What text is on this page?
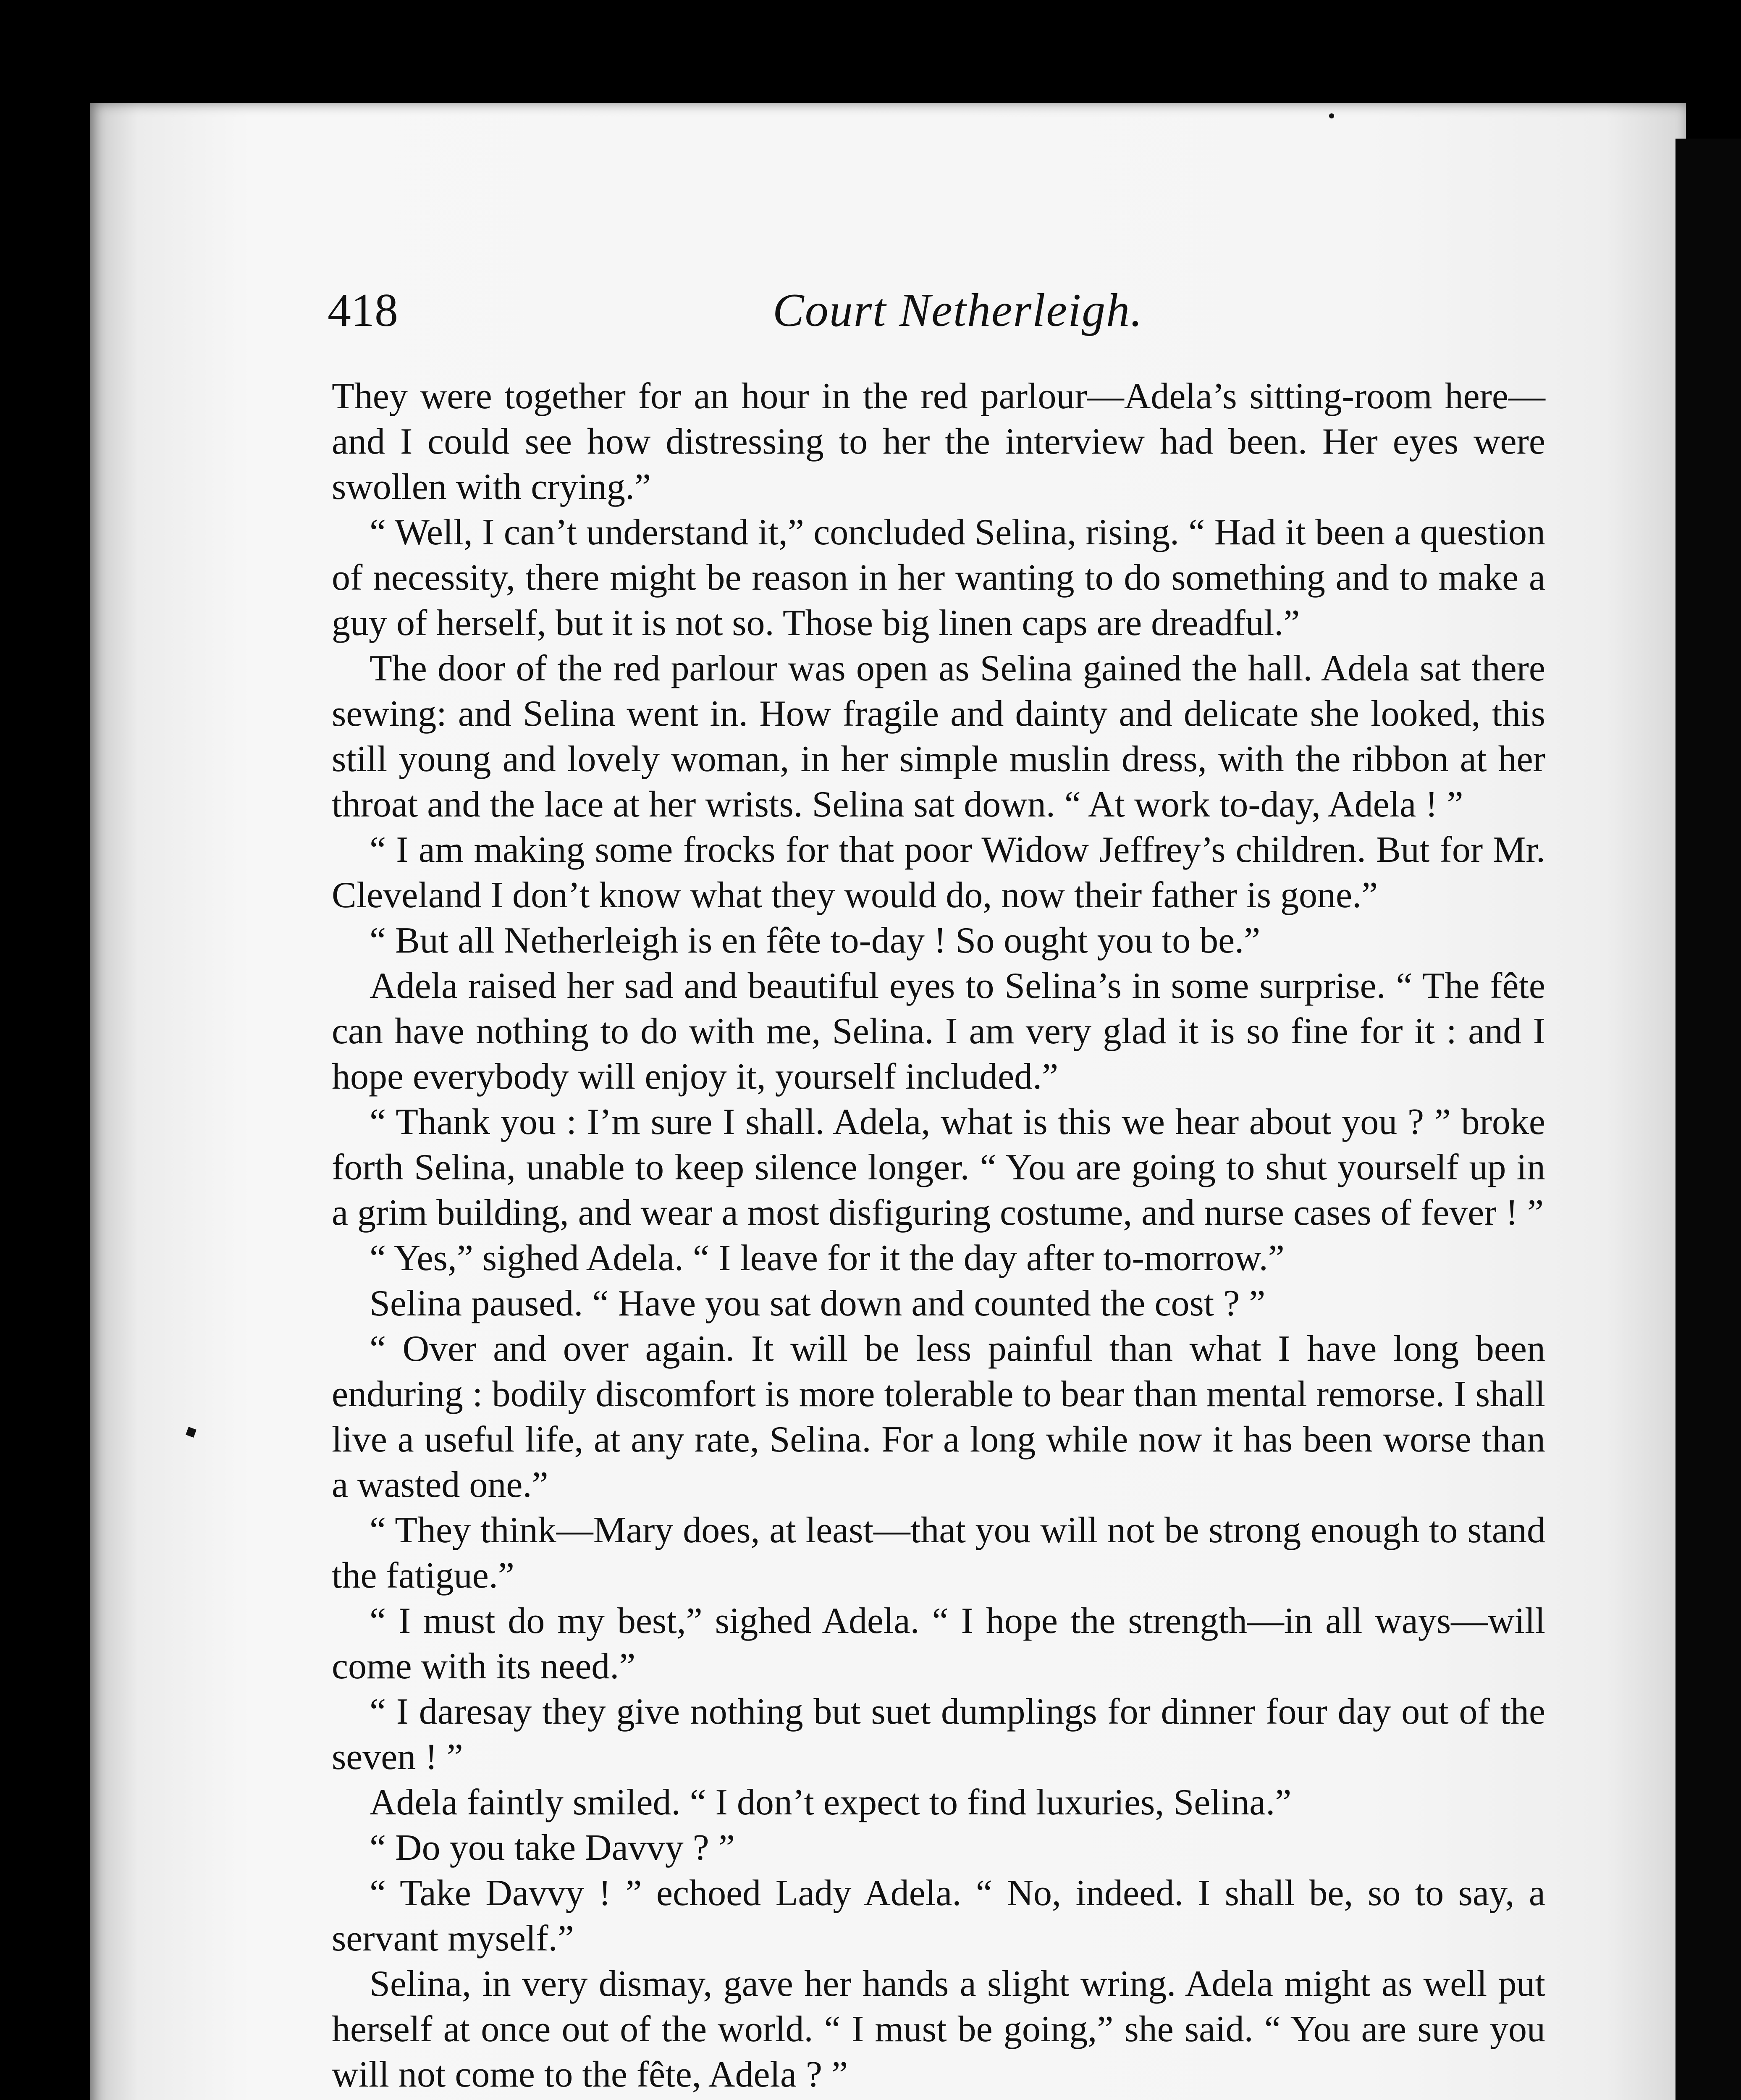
418	Court Netherleigh.

They were together for an hour in the red parlour—Adela’s sitting-room here—and I could see how distressing to her the interview had been. Her eyes were swollen with crying.”

“ Well, I can’t understand it,” concluded Selina, rising. “ Had it been a question of necessity, there might be reason in her wanting to do something and to make a guy of herself, but it is not so. Those big linen caps are dreadful.”

The door of the red parlour was open as Selina gained the hall. Adela sat there sewing: and Selina went in. How fragile and dainty and delicate she looked, this still young and lovely woman, in her simple muslin dress, with the ribbon at her throat and the lace at her wrists. Selina sat down. “ At work to-day, Adela ! ”

“ I am making some frocks for that poor Widow Jeffrey’s children. But for Mr. Cleveland I don’t know what they would do, now their father is gone.”

“ But all Netherleigh is en fête to-day ! So ought you to be.”

Adela raised her sad and beautiful eyes to Selina’s in some surprise. “ The fête can have nothing to do with me, Selina. I am very glad it is so fine for it : and I hope everybody will enjoy it, yourself included.”

“ Thank you : I’m sure I shall. Adela, what is this we hear about you ? ” broke forth Selina, unable to keep silence longer. “ You are going to shut yourself up in a grim building, and wear a most disfiguring costume, and nurse cases of fever ! ”

“ Yes,” sighed Adela. “ I leave for it the day after to-morrow.”

Selina paused. “ Have you sat down and counted the cost ? ”

“ Over and over again. It will be less painful than what I have long been enduring : bodily discomfort is more tolerable to bear than mental remorse. I shall live a useful life, at any rate, Selina. For a long while now it has been worse than a wasted one.”

“ They think—Mary does, at least—that you will not be strong enough to stand the fatigue.”

“ I must do my best,” sighed Adela. “ I hope the strength—in all ways—will come with its need.”

“ I daresay they give nothing but suet dumplings for dinner four day out of the seven ! ”

Adela faintly smiled. “ I don’t expect to find luxuries, Selina.”

“ Do you take Davvy ? ”

“ Take Davvy ! ” echoed Lady Adela. “ No, indeed. I shall be, so to say, a servant myself.”

Selina, in very dismay, gave her hands a slight wring. Adela might as well put herself at once out of the world. “ I must be going,” she said. “ You are sure you will not come to the fête, Adela ? ”
